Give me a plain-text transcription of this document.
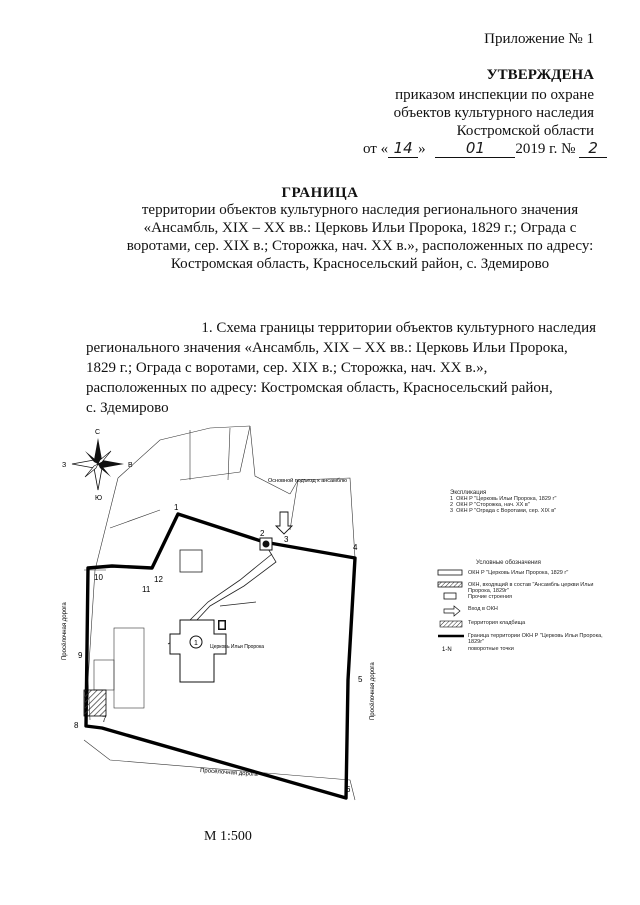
Приложение № 1
УТВЕРЖДЕНА
приказом инспекции по охране
объектов культурного наследия
Костромской области
от « 14 »	01 2019 г. № 2
ГРАНИЦА
территории объектов культурного наследия регионального значения
«Ансамбль, XIX – XX вв.: Церковь Ильи Пророка, 1829 г.; Ограда с
воротами, сер. XIX в.; Сторожка, нач. XX в.», расположенных по адресу:
Костромская область, Красносельский район, с. Здемирово
1. Схема границы территории объектов культурного наследия
регионального значения «Ансамбль, XIX – XX вв.: Церковь Ильи Пророка,
1829 г.; Ограда с воротами, сер. XIX в.; Сторожка, нач. XX в.»,
расположенных по адресу: Костромская область, Красносельский район,
с. Здемирово
С
Ю
З	В
1 Церковь Ильи Пророка
Основной подъезд к ансамблю
1
2
3
4
5
6
7
8
9
10
11
12
Просёлочная дорога
Просёлочная дорога
Просёлочная дорога
Экспликация
1 ОКН Р "Церковь Ильи Пророка, 1829 г"
2 ОКН Р "Сторожка, нач. XX в"
3 ОКН Р "Ограда с Воротами, сер. XIX в"
Условные обозначения
1-N
ОКН Р "Церковь Ильи Пророка, 1829 г"
ОКН, входящий в состав "Ансамбль церкви Ильи Пророка, 1829г"
Прочие строения
Вход в ОКН
Территория кладбища
Граница территории ОКН Р "Церковь Ильи Пророка, 1829г"
поворотные точки
М 1:500
